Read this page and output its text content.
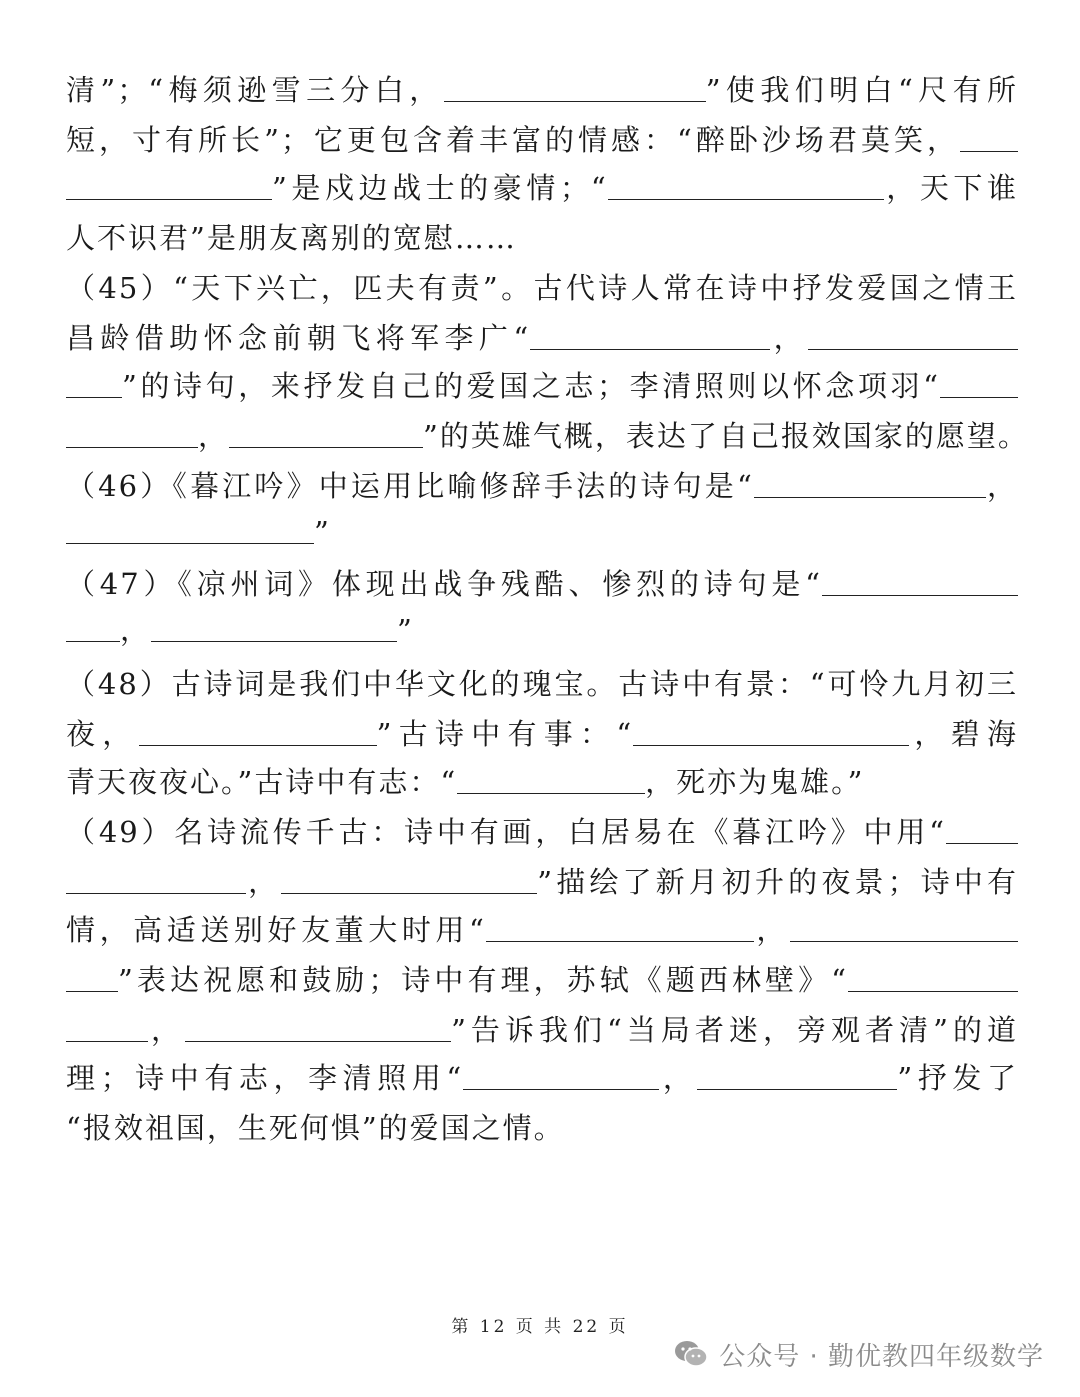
清”；“梅须逊雪三分白，	”使我们明白“尺有所
短，寸有所长”；它更包含着丰富的情感：“醉卧沙场君莫笑，
”是戍边战士的豪情；“	，天下谁
人不识君”是朋友离别的宽慰……
（45）“天下兴亡，匹夫有责”。古代诗人常在诗中抒发爱国之情王
昌龄借助怀念前朝飞将军李广“	，
”的诗句，来抒发自己的爱国之志；李清照则以怀念项羽“
，	”的英雄气概，表达了自己报效国家的愿望。
（46）《暮江吟》中运用比喻修辞手法的诗句是“	，
”
（47）《凉州词》体现出战争残酷、惨烈的诗句是“
，	”
（48）古诗词是我们中华文化的瑰宝。古诗中有景：“可怜九月初三
夜，	”古诗中有事：“	，碧海
青天夜夜心。”古诗中有志：“	，死亦为鬼雄。”
（49）名诗流传千古：诗中有画，白居易在《暮江吟》中用“
，	”描绘了新月初升的夜景；诗中有
情，高适送别好友董大时用“	，
”表达祝愿和鼓励；诗中有理，苏轼《题西林壁》“
，	”告诉我们“当局者迷，旁观者清”的道
理；诗中有志，李清照用“	，	”抒发了
“报效祖国，生死何惧”的爱国之情。
第 12 页 共 22 页
公众号 · 勤优教四年级数学
